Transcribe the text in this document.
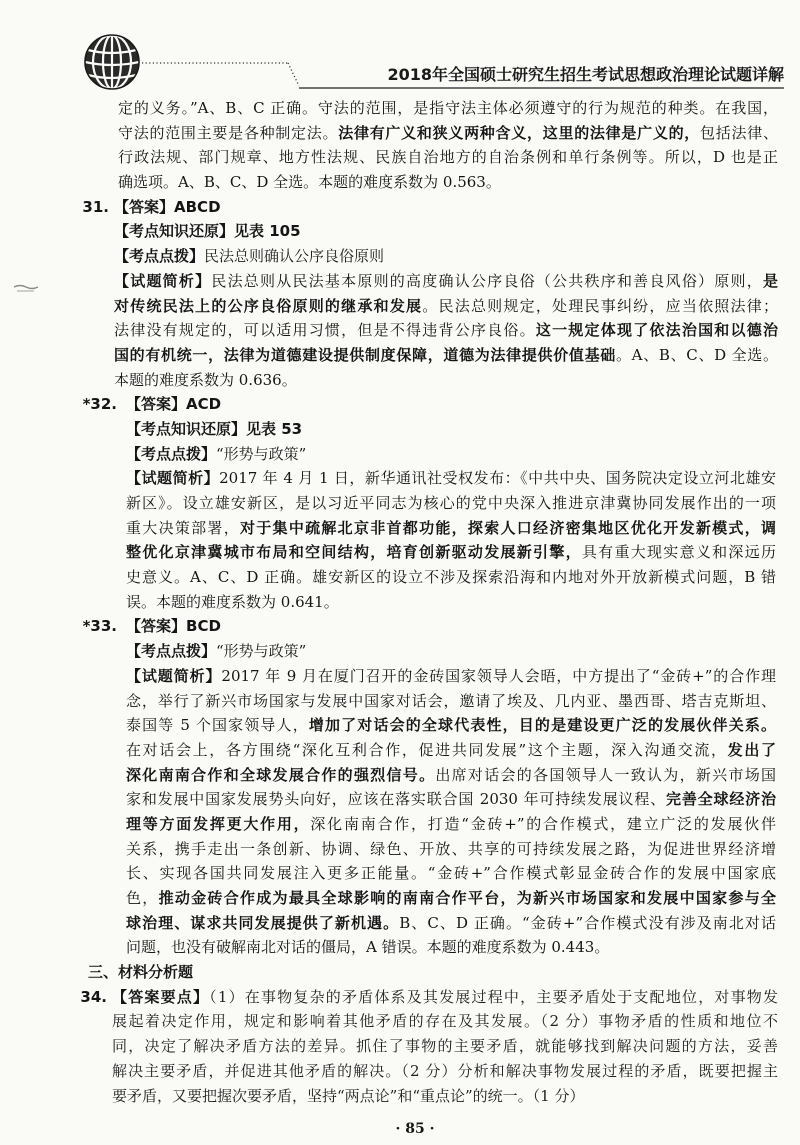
2018年全国硕士研究生招生考试思想政治理论试题详解
定的义务。”A、B、C 正确。守法的范围，是指守法主体必须遵守的行为规范的种类。在我国，
守法的范围主要是各种制定法。法律有广义和狭义两种含义，这里的法律是广义的，包括法律、
行政法规、部门规章、地方性法规、民族自治地方的自治条例和单行条例等。所以，D 也是正
确选项。A、B、C、D 全选。本题的难度系数为 0.563。
31. 【答案】ABCD
【考点知识还原】见表 105
【考点点拨】民法总则确认公序良俗原则
【试题简析】民法总则从民法基本原则的高度确认公序良俗（公共秩序和善良风俗）原则，是
对传统民法上的公序良俗原则的继承和发展。民法总则规定，处理民事纠纷，应当依照法律；
法律没有规定的，可以适用习惯，但是不得违背公序良俗。这一规定体现了依法治国和以德治
国的有机统一，法律为道德建设提供制度保障，道德为法律提供价值基础。A、B、C、D 全选。
本题的难度系数为 0.636。
*32. 【答案】ACD
【考点知识还原】见表 53
【考点点拨】“形势与政策”
【试题简析】2017 年 4 月 1 日，新华通讯社受权发布：《中共中央、国务院决定设立河北雄安
新区》。设立雄安新区，是以习近平同志为核心的党中央深入推进京津冀协同发展作出的一项
重大决策部署，对于集中疏解北京非首都功能，探索人口经济密集地区优化开发新模式，调
整优化京津冀城市布局和空间结构，培育创新驱动发展新引擎，具有重大现实意义和深远历
史意义。A、C、D 正确。雄安新区的设立不涉及探索沿海和内地对外开放新模式问题，B 错
误。本题的难度系数为 0.641。
*33. 【答案】BCD
【考点点拨】“形势与政策”
【试题简析】2017 年 9 月在厦门召开的金砖国家领导人会晤，中方提出了“金砖+”的合作理
念，举行了新兴市场国家与发展中国家对话会，邀请了埃及、几内亚、墨西哥、塔吉克斯坦、
泰国等 5 个国家领导人，增加了对话会的全球代表性，目的是建设更广泛的发展伙伴关系。
在对话会上，各方围绕“深化互利合作，促进共同发展”这个主题，深入沟通交流，发出了
深化南南合作和全球发展合作的强烈信号。出席对话会的各国领导人一致认为，新兴市场国
家和发展中国家发展势头向好，应该在落实联合国 2030 年可持续发展议程、完善全球经济治
理等方面发挥更大作用，深化南南合作，打造“金砖+”的合作模式，建立广泛的发展伙伴
关系，携手走出一条创新、协调、绿色、开放、共享的可持续发展之路，为促进世界经济增
长、实现各国共同发展注入更多正能量。“金砖+”合作模式彰显金砖合作的发展中国家底
色，推动金砖合作成为最具全球影响的南南合作平台，为新兴市场国家和发展中国家参与全
球治理、谋求共同发展提供了新机遇。B、C、D 正确。“金砖+”合作模式没有涉及南北对话
问题，也没有破解南北对话的僵局，A 错误。本题的难度系数为 0.443。
三、材料分析题
34. 【答案要点】（1）在事物复杂的矛盾体系及其发展过程中，主要矛盾处于支配地位，对事物发
展起着决定作用，规定和影响着其他矛盾的存在及其发展。（2 分）事物矛盾的性质和地位不
同，决定了解决矛盾方法的差异。抓住了事物的主要矛盾，就能够找到解决问题的方法，妥善
解决主要矛盾，并促进其他矛盾的解决。（2 分）分析和解决事物发展过程的矛盾，既要把握主
要矛盾，又要把握次要矛盾，坚持“两点论”和“重点论”的统一。（1 分）
· 85 ·
